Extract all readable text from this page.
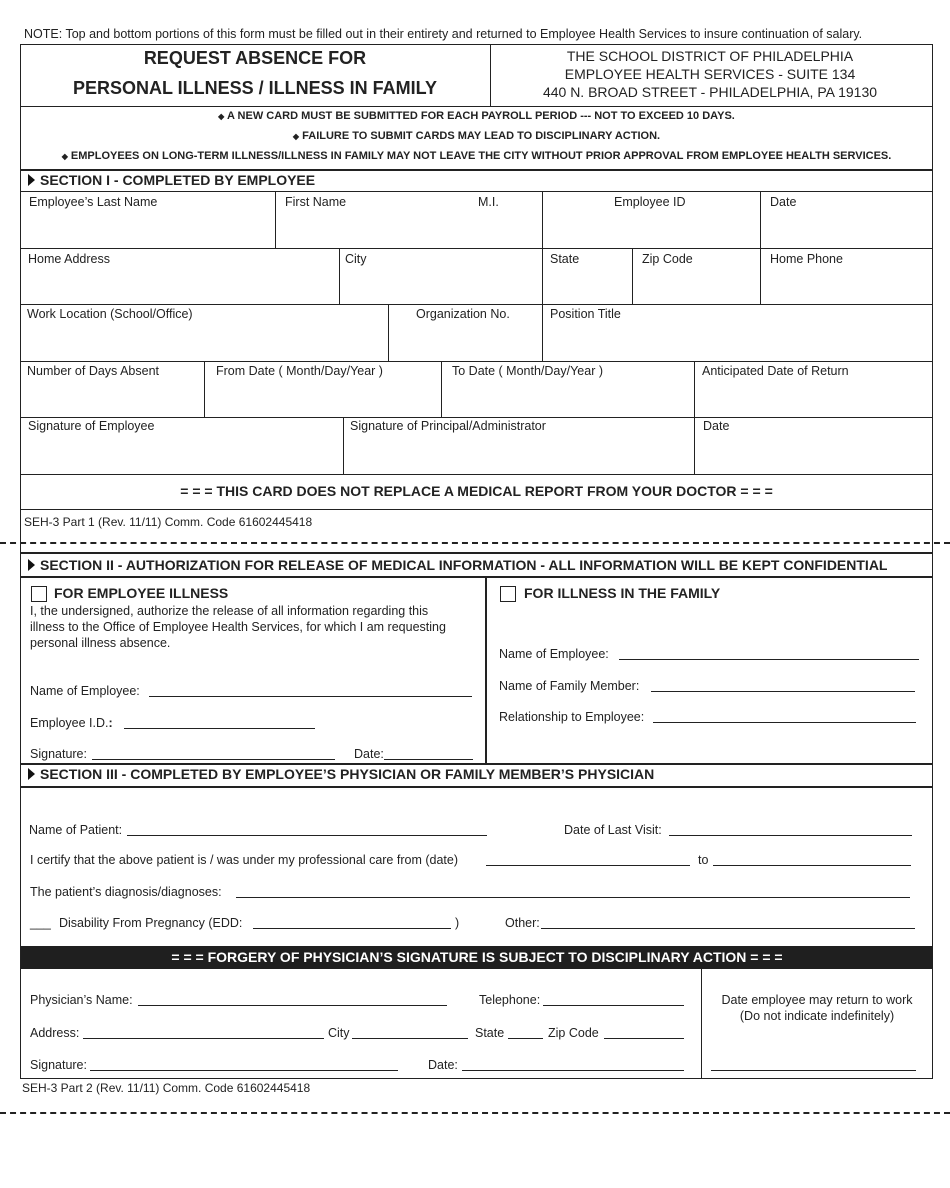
NOTE: Top and bottom portions of this form must be filled out in their entirety and returned to Employee Health Services to insure continuation of salary.
REQUEST ABSENCE FOR
PERSONAL ILLNESS / ILLNESS IN FAMILY
THE SCHOOL DISTRICT OF PHILADELPHIA
EMPLOYEE HEALTH SERVICES - SUITE 134
440 N. BROAD STREET - PHILADELPHIA, PA 19130
◆ A NEW CARD MUST BE SUBMITTED FOR EACH PAYROLL PERIOD --- NOT TO EXCEED 10 DAYS.
◆ FAILURE TO SUBMIT CARDS MAY LEAD TO DISCIPLINARY ACTION.
◆ EMPLOYEES ON LONG-TERM ILLNESS/ILLNESS IN FAMILY MAY NOT LEAVE THE CITY WITHOUT PRIOR APPROVAL FROM EMPLOYEE HEALTH SERVICES.
SECTION I - COMPLETED BY EMPLOYEE
Employee’s Last Name	First Name	M.I.	Employee ID	Date
Home Address	City	State	Zip Code	Home Phone
Work Location (School/Office)	Organization No.	Position Title
Number of Days Absent	From Date ( Month/Day/Year )	To Date ( Month/Day/Year )	Anticipated Date of Return
Signature of Employee	Signature of Principal/Administrator	Date
= = = THIS CARD DOES NOT REPLACE A MEDICAL REPORT FROM YOUR DOCTOR = = =
SEH-3 Part 1 (Rev. 11/11) Comm. Code 61602445418
SECTION II - AUTHORIZATION FOR RELEASE OF MEDICAL INFORMATION - ALL INFORMATION WILL BE KEPT CONFIDENTIAL
FOR EMPLOYEE ILLNESS
I, the undersigned, authorize the release of all information regarding this
illness to the Office of Employee Health Services, for which I am requesting
personal illness absence.
Name of Employee:
Employee I.D.:
Signature:	Date:
FOR ILLNESS IN THE FAMILY
Name of Employee:
Name of Family Member:
Relationship to Employee:
SECTION III - COMPLETED BY EMPLOYEE’S PHYSICIAN OR FAMILY MEMBER’S PHYSICIAN
Name of Patient:	Date of Last Visit:
I certify that the above patient is / was under my professional care from (date)	to
The patient’s diagnosis/diagnoses:
___ Disability From Pregnancy (EDD:	)	Other:
= = = FORGERY OF PHYSICIAN’S SIGNATURE IS SUBJECT TO DISCIPLINARY ACTION = = =
Physician’s Name:	Telephone:
Address:	City	State	Zip Code
Signature:	Date:
Date employee may return to work
(Do not indicate indefinitely)
SEH-3 Part 2 (Rev. 11/11) Comm. Code 61602445418
